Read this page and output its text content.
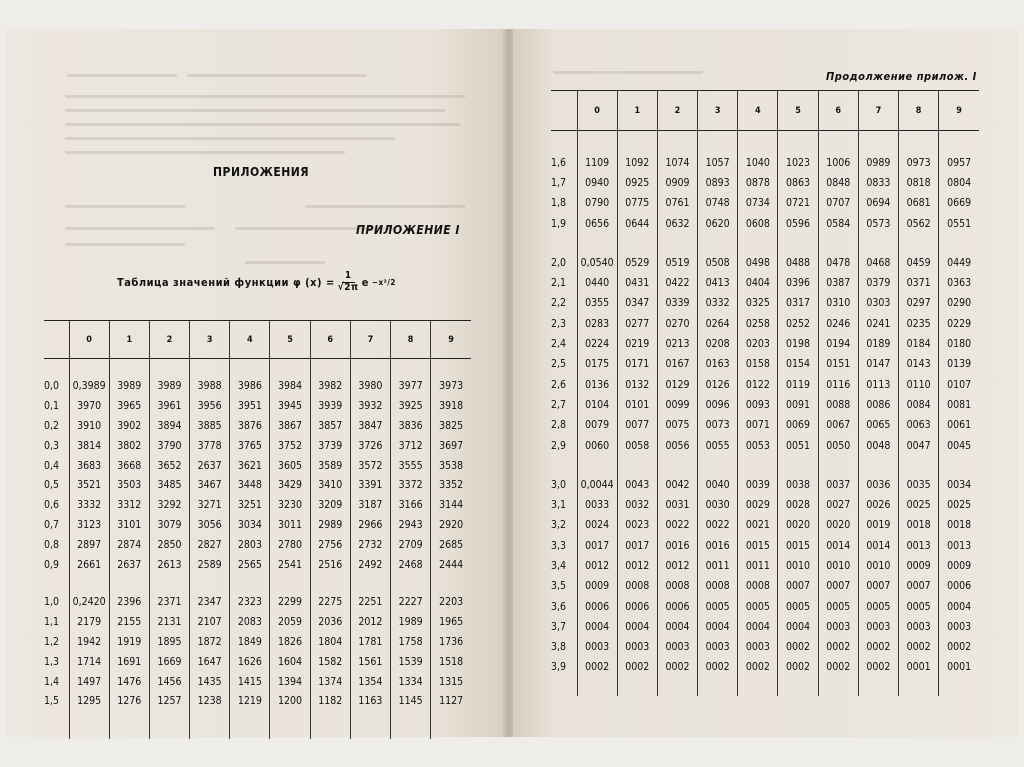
ПРИЛОЖЕНИЯ
ПРИЛОЖЕНИЕ I
Таблица значений функции φ $(x) = \frac{1}{√2\pi}$ e −x²/2
Продолжение прилож. I
	0	1	2	3	4	5	6	7	8	9

0,0	0,3989	3989	3989	3988	3986	3984	3982	3980	3977	3973
0,1	3970	3965	3961	3956	3951	3945	3939	3932	3925	3918
0,2	3910	3902	3894	3885	3876	3867	3857	3847	3836	3825
0,3	3814	3802	3790	3778	3765	3752	3739	3726	3712	3697
0,4	3683	3668	3652	2637	3621	3605	3589	3572	3555	3538
0,5	3521	3503	3485	3467	3448	3429	3410	3391	3372	3352
0,6	3332	3312	3292	3271	3251	3230	3209	3187	3166	3144
0,7	3123	3101	3079	3056	3034	3011	2989	2966	2943	2920
0,8	2897	2874	2850	2827	2803	2780	2756	2732	2709	2685
0,9	2661	2637	2613	2589	2565	2541	2516	2492	2468	2444

1,0	0,2420	2396	2371	2347	2323	2299	2275	2251	2227	2203
1,1	2179	2155	2131	2107	2083	2059	2036	2012	1989	1965
1,2	1942	1919	1895	1872	1849	1826	1804	1781	1758	1736
1,3	1714	1691	1669	1647	1626	1604	1582	1561	1539	1518
1,4	1497	1476	1456	1435	1415	1394	1374	1354	1334	1315
1,5	1295	1276	1257	1238	1219	1200	1182	1163	1145	1127

	0	1	2	3	4	5	6	7	8	9

1,6	1109	1092	1074	1057	1040	1023	1006	0989	0973	0957
1,7	0940	0925	0909	0893	0878	0863	0848	0833	0818	0804
1,8	0790	0775	0761	0748	0734	0721	0707	0694	0681	0669
1,9	0656	0644	0632	0620	0608	0596	0584	0573	0562	0551

2,0	0,0540	0529	0519	0508	0498	0488	0478	0468	0459	0449
2,1	0440	0431	0422	0413	0404	0396	0387	0379	0371	0363
2,2	0355	0347	0339	0332	0325	0317	0310	0303	0297	0290
2,3	0283	0277	0270	0264	0258	0252	0246	0241	0235	0229
2,4	0224	0219	0213	0208	0203	0198	0194	0189	0184	0180
2,5	0175	0171	0167	0163	0158	0154	0151	0147	0143	0139
2,6	0136	0132	0129	0126	0122	0119	0116	0113	0110	0107
2,7	0104	0101	0099	0096	0093	0091	0088	0086	0084	0081
2,8	0079	0077	0075	0073	0071	0069	0067	0065	0063	0061
2,9	0060	0058	0056	0055	0053	0051	0050	0048	0047	0045

3,0	0,0044	0043	0042	0040	0039	0038	0037	0036	0035	0034
3,1	0033	0032	0031	0030	0029	0028	0027	0026	0025	0025
3,2	0024	0023	0022	0022	0021	0020	0020	0019	0018	0018
3,3	0017	0017	0016	0016	0015	0015	0014	0014	0013	0013
3,4	0012	0012	0012	0011	0011	0010	0010	0010	0009	0009
3,5	0009	0008	0008	0008	0008	0007	0007	0007	0007	0006
3,6	0006	0006	0006	0005	0005	0005	0005	0005	0005	0004
3,7	0004	0004	0004	0004	0004	0004	0003	0003	0003	0003
3,8	0003	0003	0003	0003	0003	0002	0002	0002	0002	0002
3,9	0002	0002	0002	0002	0002	0002	0002	0002	0001	0001
